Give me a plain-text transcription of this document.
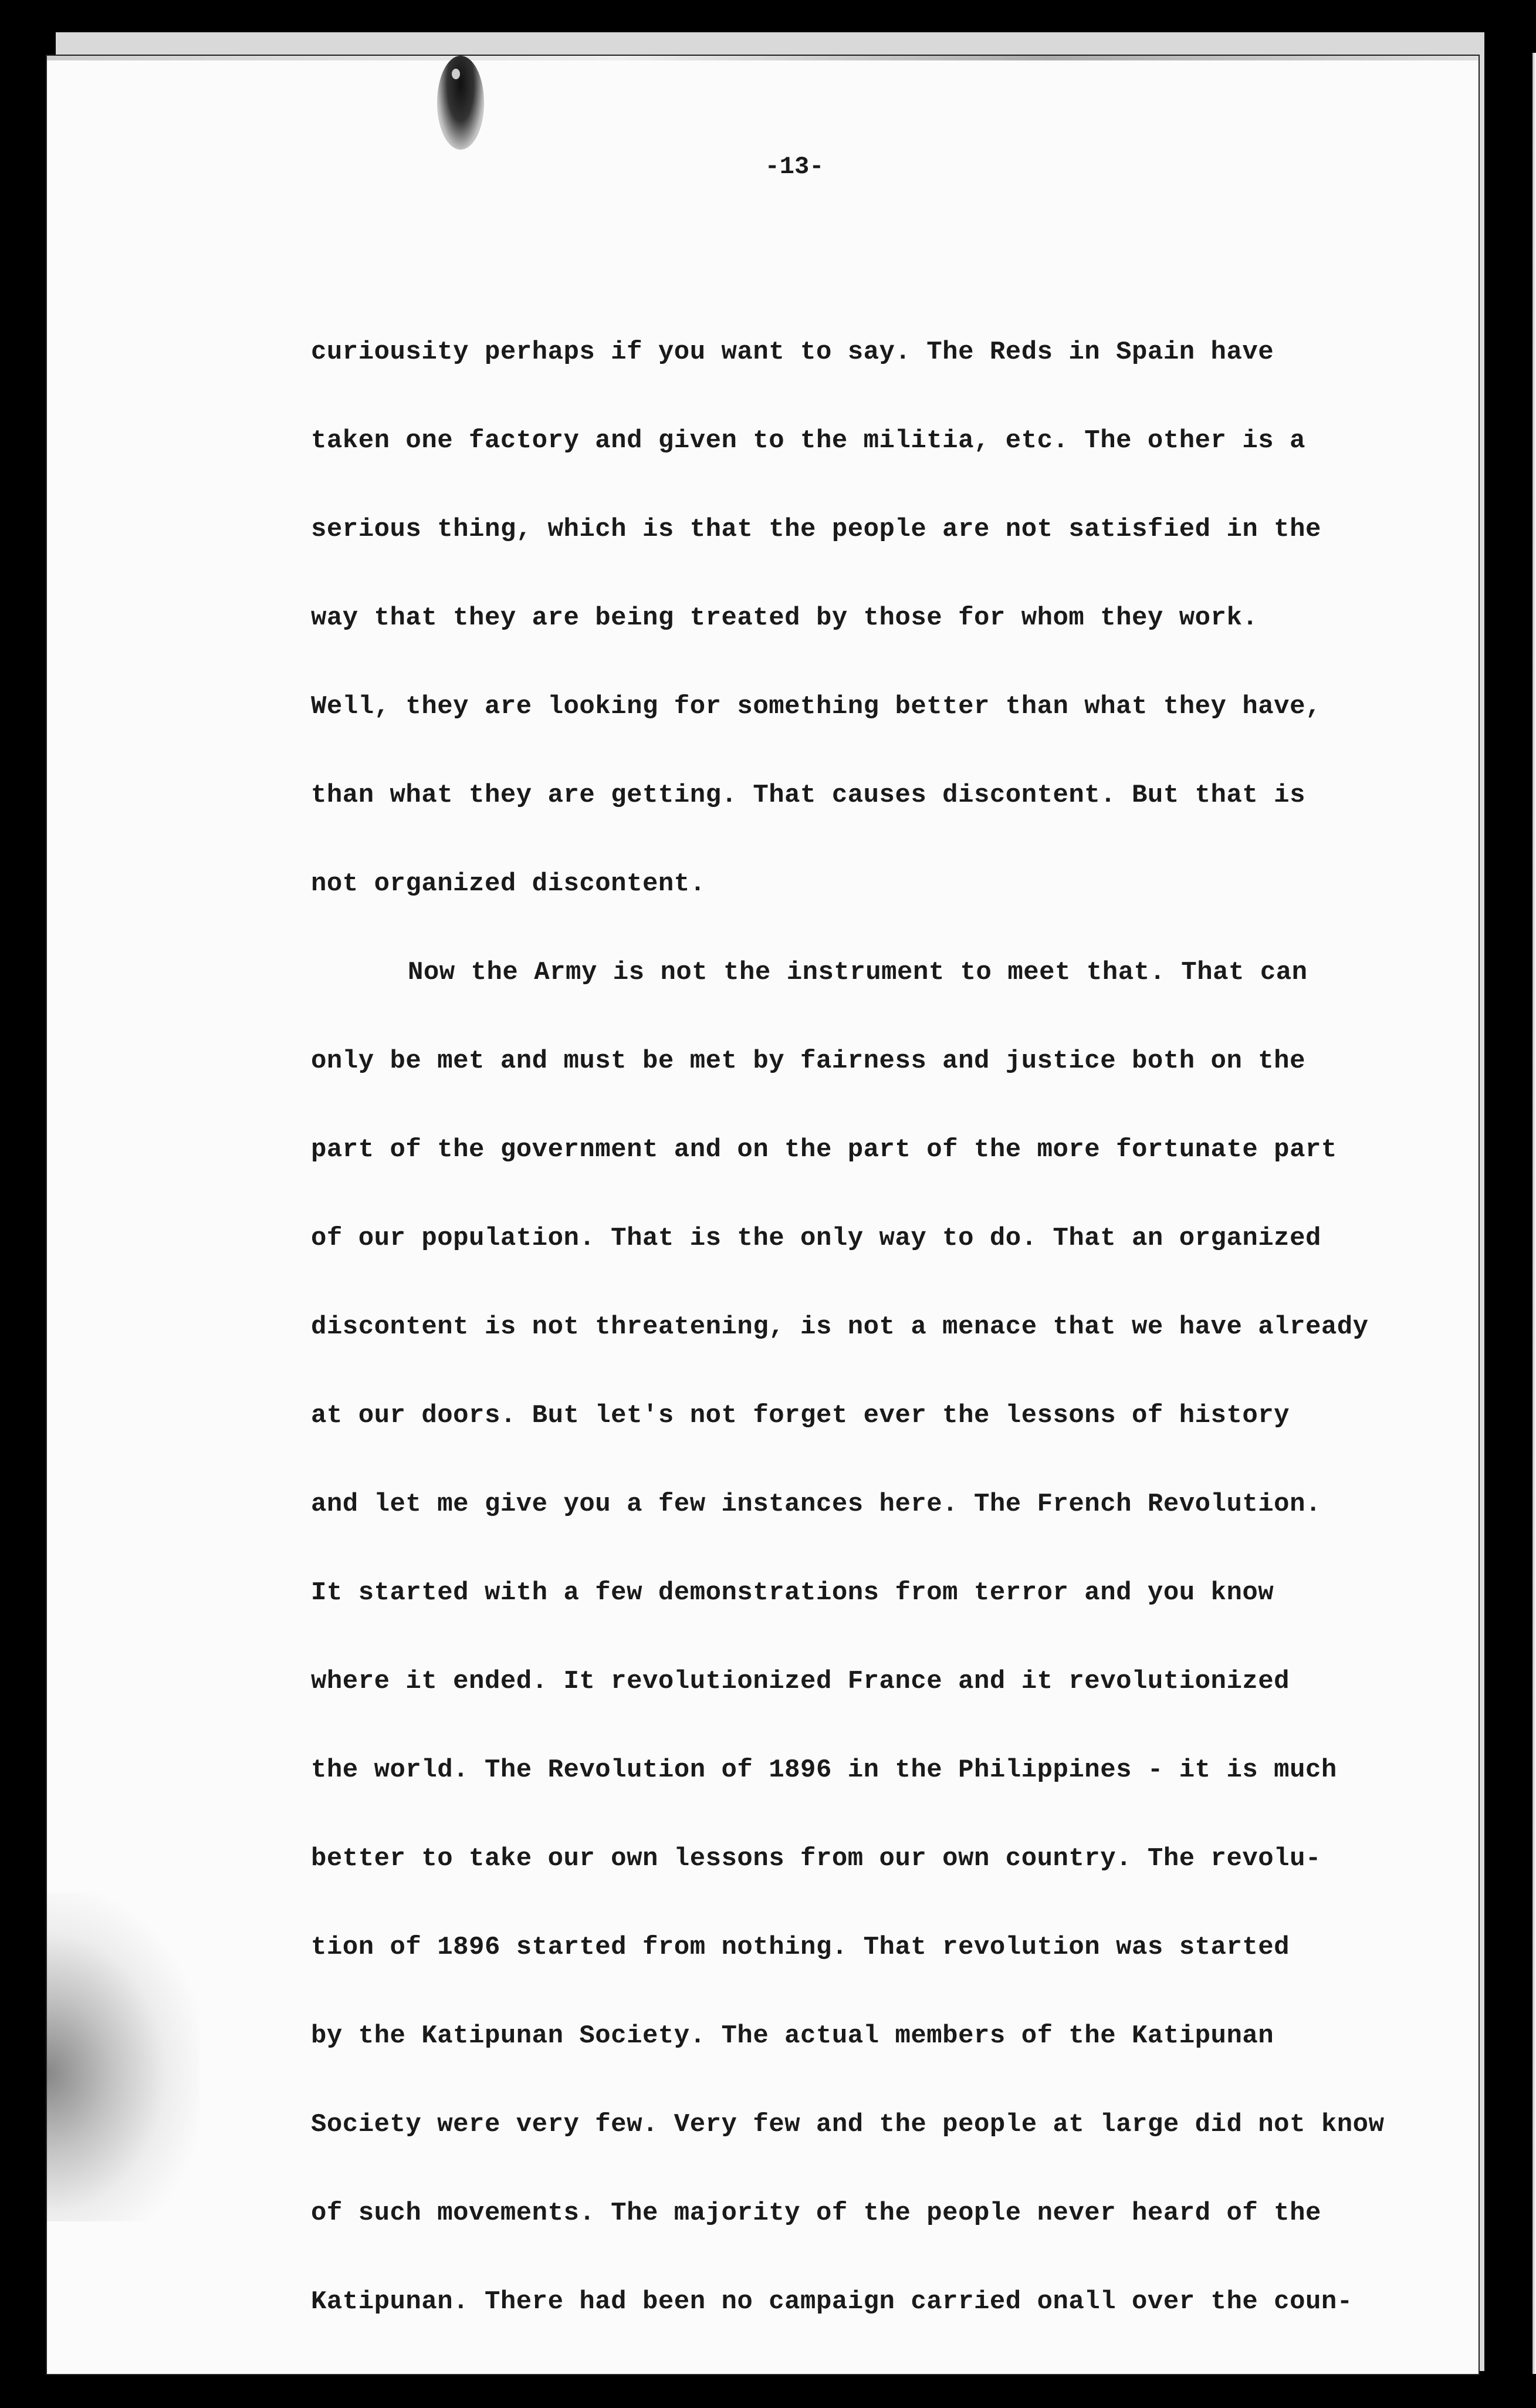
-13-
curiousity perhaps if you want to say. The Reds in Spain have
taken one factory and given to the militia, etc. The other is a
serious thing, which is that the people are not satisfied in the
way that they are being treated by those for whom they work.
Well, they are looking for something better than what they have,
than what they are getting. That causes discontent. But that is
not organized discontent.
Now the Army is not the instrument to meet that. That can
only be met and must be met by fairness and justice both on the
part of the government and on the part of the more fortunate part
of our population. That is the only way to do. That an organized
discontent is not threatening, is not a menace that we have already
at our doors. But let's not forget ever the lessons of history
and let me give you a few instances here. The French Revolution.
It started with a few demonstrations from terror and you know
where it ended. It revolutionized France and it revolutionized
the world. The Revolution of 1896 in the Philippines - it is much
better to take our own lessons from our own country. The revolu-
tion of 1896 started from nothing. That revolution was started
by the Katipunan Society. The actual members of the Katipunan
Society were very few. Very few and the people at large did not know
of such movements. The majority of the people never heard of the
Katipunan. There had been no campaign carried onall over the coun-
